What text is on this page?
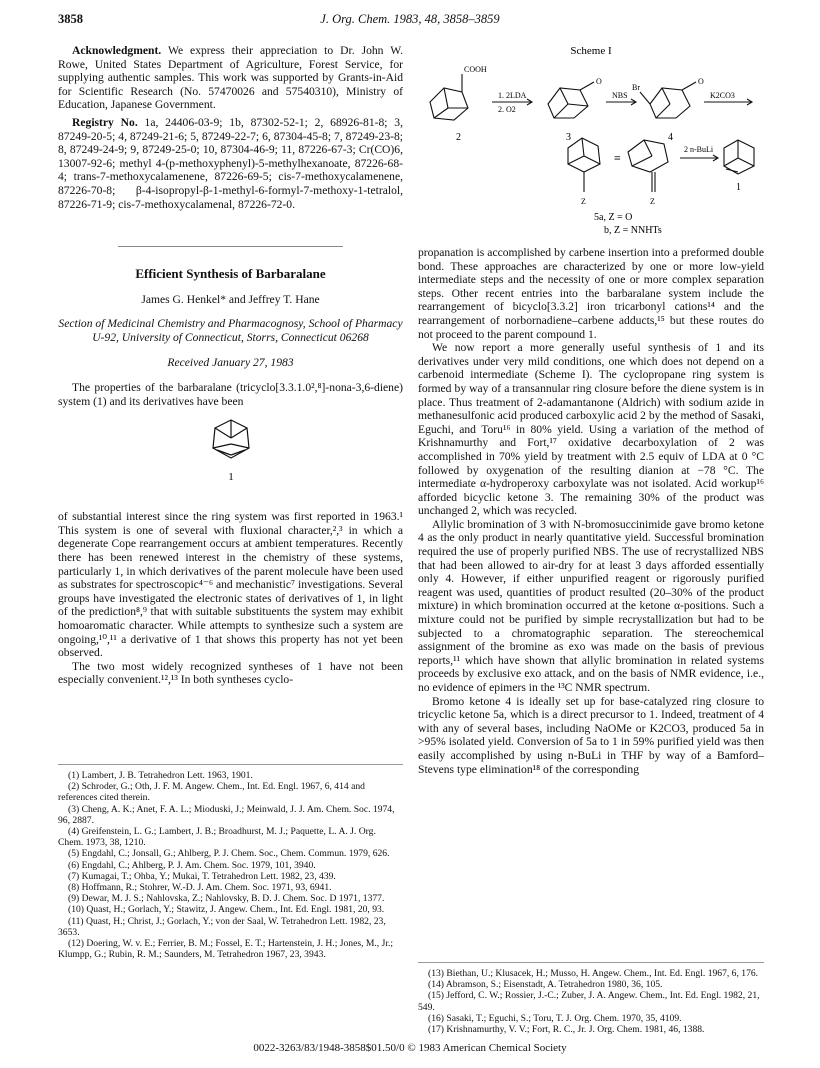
3858	J. Org. Chem. 1983, 48, 3858–3859

Acknowledgment. We express their appreciation to Dr. John W. Rowe, United States Department of Agriculture, Forest Service, for supplying authentic samples. This work was supported by Grants-in-Aid for Scientific Research (No. 57470026 and 57540310), Ministry of Education, Japanese Government.

Registry No. 1a, 24406-03-9; 1b, 87302-52-1; 2, 68926-81-8; 3, 87249-20-5; 4, 87249-21-6; 5, 87249-22-7; 6, 87304-45-8; 7, 87249-23-8; 8, 87249-24-9; 9, 87249-25-0; 10, 87304-46-9; 11, 87226-67-3; Cr(CO)6, 13007-92-6; methyl 4-(p-methoxyphenyl)-5-methylhexanoate, 87226-68-4; trans-7-methoxycalamenene, 87226-69-5; cis-7-methoxycalamenene, 87226-70-8; β-4-isopropyl-β-1-methyl-6-formyl-7-methoxy-1-tetralol, 87226-71-9; cis-7-methoxycalamenal, 87226-72-0.

Efficient Synthesis of Barbaralane
James G. Henkel* and Jeffrey T. Hane
Section of Medicinal Chemistry and Pharmacognosy, School of Pharmacy U-92, University of Connecticut, Storrs, Connecticut 06268
Received January 27, 1983

The properties of the barbaralane (tricyclo[3.3.1.0²,⁸]-nona-3,6-diene) system (1) and its derivatives have been

1

of substantial interest since the ring system was first reported in 1963.¹ This system is one of several with fluxional character,²,³ in which a degenerate Cope rearrangement occurs at ambient temperatures. Recently there has been renewed interest in the chemistry of these systems, particularly 1, in which derivatives of the parent molecule have been used as substrates for spectroscopic⁴⁻⁶ and mechanistic⁷ investigations. Several groups have investigated the electronic states of derivatives of 1, in light of the prediction⁸,⁹ that with suitable substituents the system may exhibit homoaromatic character. While attempts to synthesize such a system are ongoing,¹⁰,¹¹ a derivative of 1 that shows this property has not yet been observed.

The two most widely recognized syntheses of 1 have not been especially convenient.¹²,¹³ In both syntheses cyclo-

(1) Lambert, J. B. Tetrahedron Lett. 1963, 1901.

(2) Schroder, G.; Oth, J. F. M. Angew. Chem., Int. Ed. Engl. 1967, 6, 414 and references cited therein.

(3) Cheng, A. K.; Anet, F. A. L.; Mioduski, J.; Meinwald, J. J. Am. Chem. Soc. 1974, 96, 2887.

(4) Greifenstein, L. G.; Lambert, J. B.; Broadhurst, M. J.; Paquette, L. A. J. Org. Chem. 1973, 38, 1210.

(5) Engdahl, C.; Jonsall, G.; Ahlberg, P. J. Chem. Soc., Chem. Commun. 1979, 626.

(6) Engdahl, C.; Ahlberg, P. J. Am. Chem. Soc. 1979, 101, 3940.

(7) Kumagai, T.; Ohba, Y.; Mukai, T. Tetrahedron Lett. 1982, 23, 439.

(8) Hoffmann, R.; Stohrer, W.-D. J. Am. Chem. Soc. 1971, 93, 6941.

(9) Dewar, M. J. S.; Nahlovska, Z.; Nahlovsky, B. D. J. Chem. Soc. D 1971, 1377.

(10) Quast, H.; Gorlach, Y.; Stawitz, J. Angew. Chem., Int. Ed. Engl. 1981, 20, 93.

(11) Quast, H.; Christ, J.; Gorlach, Y.; von der Saal, W. Tetrahedron Lett. 1982, 23, 3653.

(12) Doering, W. v. E.; Ferrier, B. M.; Fossel, E. T.; Hartenstein, J. H.; Jones, M., Jr.; Klumpp, G.; Rubin, R. M.; Saunders, M. Tetrahedron 1967, 23, 3943.

Scheme I
COOH
1. 2LDA
2. O2
O
NBS
Br
O
K2CO3
2 n-BuLi
≡
Z	Z
2	3	4
1
5a, Z = O
b, Z = NNHTs

propanation is accomplished by carbene insertion into a preformed double bond. These approaches are characterized by one or more low-yield intermediate steps and the necessity of one or more complex separation steps. Other recent entries into the barbaralane system include the rearrangement of bicyclo[3.3.2] iron tricarbonyl cations¹⁴ and the rearrangement of norbornadiene–carbene adducts,¹⁵ but these routes do not proceed to the parent compound 1.

We now report a more generally useful synthesis of 1 and its derivatives under very mild conditions, one which does not depend on a carbenoid intermediate (Scheme I). The cyclopropane ring system is formed by way of a transannular ring closure before the diene system is in place. Thus treatment of 2-adamantanone (Aldrich) with sodium azide in methanesulfonic acid produced carboxylic acid 2 by the method of Sasaki, Eguchi, and Toru¹⁶ in 80% yield. Using a variation of the method of Krishnamurthy and Fort,¹⁷ oxidative decarboxylation of 2 was accomplished in 70% yield by treatment with 2.5 equiv of LDA at 0 °C followed by oxygenation of the resulting dianion at −78 °C. The intermediate α-hydroperoxy carboxylate was not isolated. Acid workup¹⁶ afforded bicyclic ketone 3. The remaining 30% of the product was unchanged 2, which was recycled.

Allylic bromination of 3 with N-bromosuccinimide gave bromo ketone 4 as the only product in nearly quantitative yield. Successful bromination required the use of properly purified NBS. The use of recrystallized NBS that had been allowed to air-dry for at least 3 days afforded essentially only 4. However, if either unpurified reagent or rigorously purified reagent was used, quantities of product resulted (20–30% of the product mixture) in which bromination occurred at the ketone α-positions. Such a mixture could not be purified by simple recrystallization but had to be subjected to a chromatographic separation. The stereochemical assignment of the bromine as exo was made on the basis of previous reports,¹¹ which have shown that allylic bromination in related systems proceeds by exclusive exo attack, and on the basis of NMR evidence, i.e., no evidence of epimers in the ¹³C NMR spectrum.

Bromo ketone 4 is ideally set up for base-catalyzed ring closure to tricyclic ketone 5a, which is a direct precursor to 1. Indeed, treatment of 4 with any of several bases, including NaOMe or K2CO3, produced 5a in >95% isolated yield. Conversion of 5a to 1 in 59% purified yield was then easily accomplished by using n-BuLi in THF by way of a Bamford–Stevens type elimination¹⁸ of the corresponding

(13) Biethan, U.; Klusacek, H.; Musso, H. Angew. Chem., Int. Ed. Engl. 1967, 6, 176.

(14) Abramson, S.; Eisenstadt, A. Tetrahedron 1980, 36, 105.

(15) Jefford, C. W.; Rossier, J.-C.; Zuber, J. A. Angew. Chem., Int. Ed. Engl. 1982, 21, 549.

(16) Sasaki, T.; Eguchi, S.; Toru, T. J. Org. Chem. 1970, 35, 4109.

(17) Krishnamurthy, V. V.; Fort, R. C., Jr. J. Org. Chem. 1981, 46, 1388.

0022-3263/83/1948-3858$01.50/0 © 1983 American Chemical Society
